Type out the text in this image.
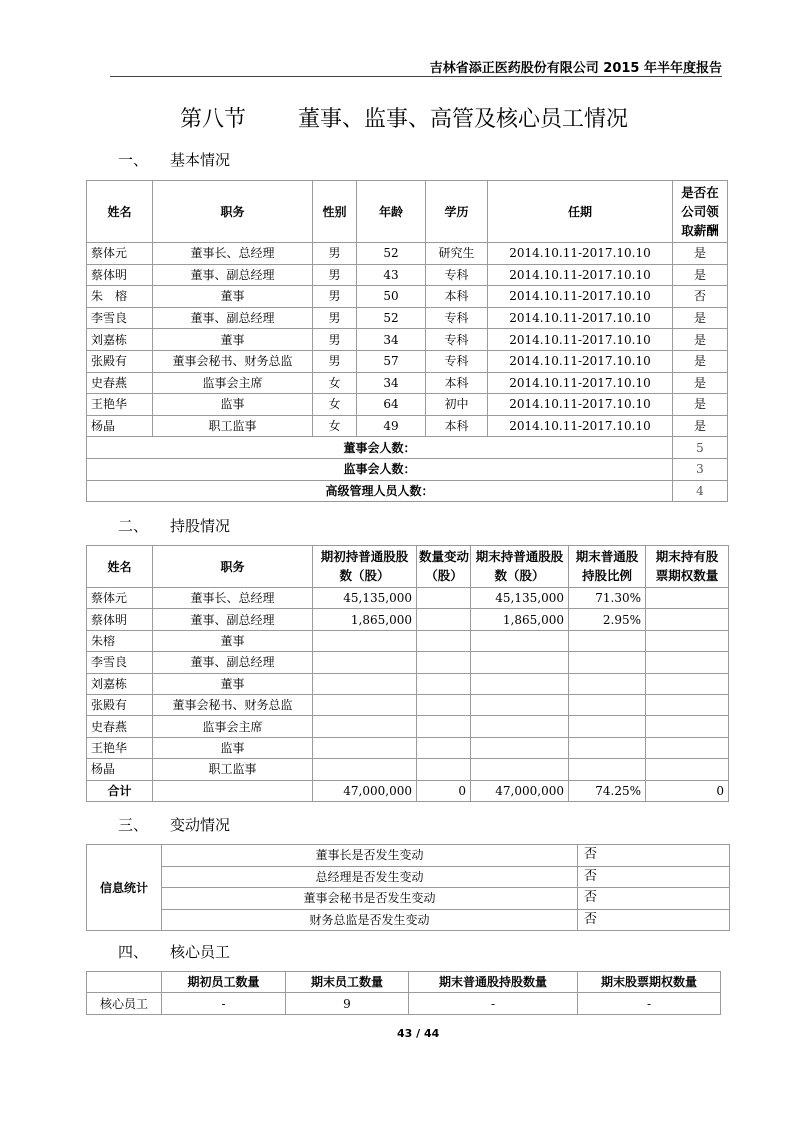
吉林省添正医药股份有限公司 2015 年半年度报告
第八节 董事、监事、高管及核心员工情况
一、 基本情况
姓名	职务	性别	年龄	学历	任期	是否在公司领取薪酬
蔡体元	董事长、总经理	男	52	研究生	2014.10.11-2017.10.10	是
蔡体明	董事、副总经理	男	43	专科	2014.10.11-2017.10.10	是
朱　榕	董事	男	50	本科	2014.10.11-2017.10.10	否
李雪良	董事、副总经理	男	52	专科	2014.10.11-2017.10.10	是
刘嘉栋	董事	男	34	专科	2014.10.11-2017.10.10	是
张殿有	董事会秘书、财务总监	男	57	专科	2014.10.11-2017.10.10	是
史春燕	监事会主席	女	34	本科	2014.10.11-2017.10.10	是
王艳华	监事	女	64	初中	2014.10.11-2017.10.10	是
杨晶	职工监事	女	49	本科	2014.10.11-2017.10.10	是
董事会人数：						5
监事会人数：						3
高级管理人员人数：						4
二、 持股情况
姓名	职务	期初持普通股股数（股）	数量变动（股）	期末持普通股股数（股）	期末普通股持股比例	期末持有股票期权数量
蔡体元	董事长、总经理	45,135,000		45,135,000	71.30%	
蔡体明	董事、副总经理	1,865,000		1,865,000	2.95%	
朱榕	董事					
李雪良	董事、副总经理					
刘嘉栋	董事					
张殿有	董事会秘书、财务总监					
史春燕	监事会主席					
王艳华	监事					
杨晶	职工监事					
合计		47,000,000	0	47,000,000	74.25%	0
三、 变动情况
信息统计	董事长是否发生变动	否
	总经理是否发生变动	否
	董事会秘书是否发生变动	否
	财务总监是否发生变动	否
四、 核心员工
	期初员工数量	期末员工数量	期末普通股持股数量	期末股票期权数量
核心员工	-	9	-	-
43 / 44
